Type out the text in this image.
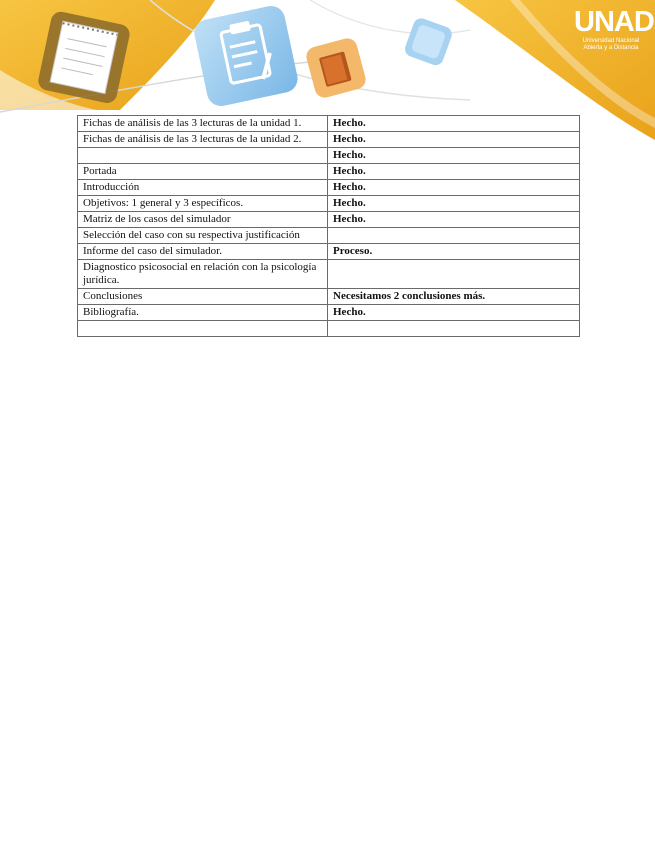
UNAD
Universidad Nacional
Abierta y a Distancia
Fichas de análisis de las 3 lecturas de la unidad 1.	Hecho.
Fichas de análisis de las 3 lecturas de la unidad 2.	Hecho.
	Hecho.
Portada	Hecho.
Introducción	Hecho.
Objetivos: 1 general y 3 específicos.	Hecho.
Matriz de los casos del simulador	Hecho.
Selección del caso con su respectiva justificación	
Informe del caso del simulador.	Proceso.
Diagnostico psicosocial en relación con la psicología jurídica.	
Conclusiones	Necesitamos 2 conclusiones más.
Bibliografía.	Hecho.
